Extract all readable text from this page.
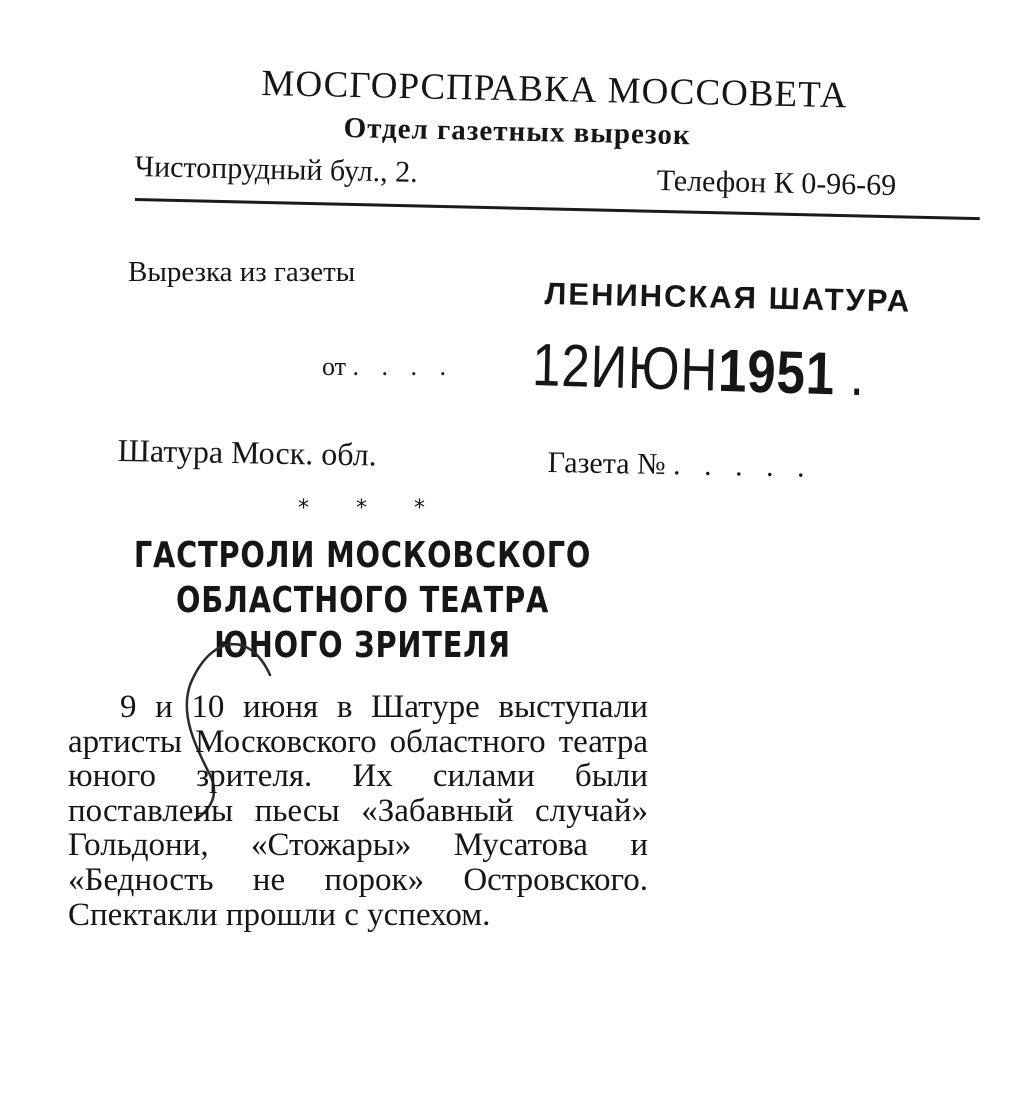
МОСГОРСПРАВКА МОССОВЕТА
Отдел газетных вырезок
Чистопрудный бул., 2.	Телефон К 0-96-69
Вырезка из газеты
ЛЕНИНСКАЯ ШАТУРА
от . . . . 12ИЮН1951 .
Шатура Моск. обл.	Газета № . . . . .
* * *
ГАСТРОЛИ МОСКОВСКОГО ОБЛАСТНОГО ТЕАТРА ЮНОГО ЗРИТЕЛЯ
9 и 10 июня в Шатуре выступали артисты Московского областного театра юного зрителя. Их силами были поставлены пьесы «Забавный случай» Гольдони, «Стожары» Мусатова и «Бедность не порок» Островского. Спектакли прошли с успехом.
